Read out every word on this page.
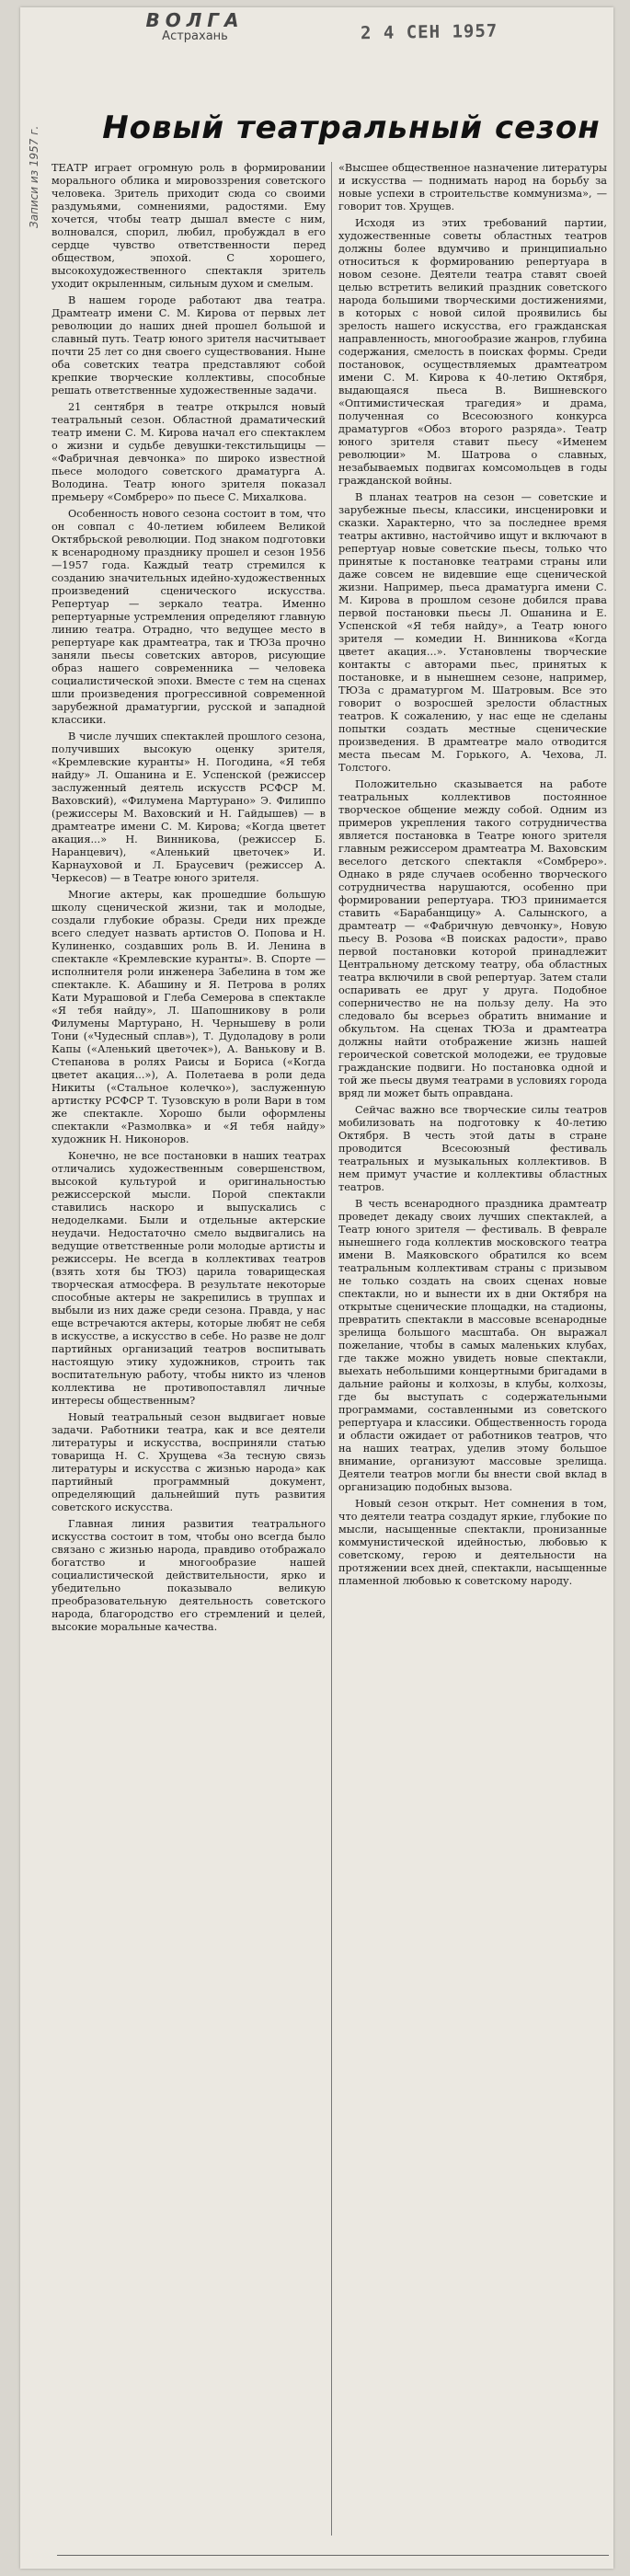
ВОЛГА
Астрахань	2 4 СЕН 1957
Записи из 1957 г. Новый театральный сезон

ТЕАТР играет огромную роль в формировании морального облика и мировоззрения советского человека. Зритель приходит сюда со своими раздумьями, сомнениями, радостями. Ему хочется, чтобы театр дышал вместе с ним, волновался, спорил, любил, пробуждал в его сердце чувство ответственности перед обществом, эпохой. С хорошего, высокохудожественного спектакля зритель уходит окрыленным, сильным духом и смелым.

В нашем городе работают два театра. Драмтеатр имени С. М. Кирова от первых лет революции до наших дней прошел большой и славный путь. Театр юного зрителя насчитывает почти 25 лет со дня своего существования. Ныне оба советских театра представляют собой крепкие творческие коллективы, способные решать ответственные художественные задачи.

21 сентября в театре открылся новый театральный сезон. Областной драматический театр имени С. М. Кирова начал его спектаклем о жизни и судьбе девушки-текстильщицы — «Фабричная девчонка» по широко известной пьесе молодого советского драматурга А. Володина. Театр юного зрителя показал премьеру «Сомбреро» по пьесе С. Михалкова.

Особенность нового сезона состоит в том, что он совпал с 40-летием юбилеем Великой Октябрьской революции. Под знаком подготовки к всенародному празднику прошел и сезон 1956—1957 года. Каждый театр стремился к созданию значительных идейно-художественных произведений сценического искусства. Репертуар — зеркало театра. Именно репертуарные устремления определяют главную линию театра. Отрадно, что ведущее место в репертуаре как драмтеатра, так и ТЮЗа прочно заняли пьесы советских авторов, рисующие образ нашего современника — человека социалистической эпохи. Вместе с тем на сценах шли произведения прогрессивной современной зарубежной драматургии, русской и западной классики.

В числе лучших спектаклей прошлого сезона, получивших высокую оценку зрителя, «Кремлевские куранты» Н. Погодина, «Я тебя найду» Л. Ошанина и Е. Успенской (режиссер заслуженный деятель искусств РСФСР М. Ваховский), «Филумена Мартурано» Э. Филиппо (режиссеры М. Ваховский и Н. Гайдышев) — в драмтеатре имени С. М. Кирова; «Когда цветет акация...» Н. Винникова, (режиссер Б. Наранцевич), «Аленький цветочек» И. Карнауховой и Л. Браусевич (режиссер А. Черкесов) — в Театре юного зрителя.

Многие актеры, как прошедшие большую школу сценической жизни, так и молодые, создали глубокие образы. Среди них прежде всего следует назвать артистов О. Попова и Н. Кулиненко, создавших роль В. И. Ленина в спектакле «Кремлевские куранты». В. Спорте — исполнителя роли инженера Забелина в том же спектакле. К. Абашину и Я. Петрова в ролях Кати Мурашовой и Глеба Семерова в спектакле «Я тебя найду», Л. Шапошникову в роли Филумены Мартурано, Н. Чернышеву в роли Тони («Чудесный сплав»), Т. Дудоладову в роли Капы («Аленький цветочек»), А. Ванькову и В. Степанова в ролях Раисы и Бориса («Когда цветет акация...»), А. Полетаева в роли деда Никиты («Стальное колечко»), заслуженную артистку РСФСР Т. Тузовскую в роли Вари в том же спектакле. Хорошо были оформлены спектакли «Размолвка» и «Я тебя найду» художник Н. Никоноров.

Конечно, не все постановки в наших театрах отличались художественным совершенством, высокой культурой и оригинальностью режиссерской мысли. Порой спектакли ставились наскоро и выпускались с недоделками. Были и отдельные актерские неудачи. Недостаточно смело выдвигались на ведущие ответственные роли молодые артисты и режиссеры. Не всегда в коллективах театров (взять хотя бы ТЮЗ) царила товарищеская творческая атмосфера. В результате некоторые способные актеры не закрепились в труппах и выбыли из них даже среди сезона. Правда, у нас еще встречаются актеры, которые любят не себя в искусстве, а искусство в себе. Но разве не долг партийных организаций театров воспитывать настоящую этику художников, строить так воспитательную работу, чтобы никто из членов коллектива не противопоставлял личные интересы общественным?

Новый театральный сезон выдвигает новые задачи. Работники театра, как и все деятели литературы и искусства, восприняли статью товарища Н. С. Хрущева «За тесную связь литературы и искусства с жизнью народа» как партийный программный документ, определяющий дальнейший путь развития советского искусства.

Главная линия развития театрального искусства состоит в том, чтобы оно всегда было связано с жизнью народа, правдиво отображало богатство и многообразие нашей социалистической действительности, ярко и убедительно показывало великую преобразовательную деятельность советского народа, благородство его стремлений и целей, высокие моральные качества.

«Высшее общественное назначение литературы и искусства — поднимать народ на борьбу за новые успехи в строительстве коммунизма», — говорит тов. Хрущев.

Исходя из этих требований партии, художественные советы областных театров должны более вдумчиво и принципиально относиться к формированию репертуара в новом сезоне. Деятели театра ставят своей целью встретить великий праздник советского народа большими творческими достижениями, в которых с новой силой проявились бы зрелость нашего искусства, его гражданская направленность, многообразие жанров, глубина содержания, смелость в поисках формы. Среди постановок, осуществляемых драмтеатром имени С. М. Кирова к 40-летию Октября, выдающаяся пьеса В. Вишневского «Оптимистическая трагедия» и драма, полученная со Всесоюзного конкурса драматургов «Обоз второго разряда». Театр юного зрителя ставит пьесу «Именем революции» М. Шатрова о славных, незабываемых подвигах комсомольцев в годы гражданской войны.

В планах театров на сезон — советские и зарубежные пьесы, классики, инсценировки и сказки. Характерно, что за последнее время театры активно, настойчиво ищут и включают в репертуар новые советские пьесы, только что принятые к постановке театрами страны или даже совсем не видевшие еще сценической жизни. Например, пьеса драматурга имени С. М. Кирова в прошлом сезоне добился права первой постановки пьесы Л. Ошанина и Е. Успенской «Я тебя найду», а Театр юного зрителя — комедии Н. Винникова «Когда цветет акация...». Установлены творческие контакты с авторами пьес, принятых к постановке, и в нынешнем сезоне, например, ТЮЗа с драматургом М. Шатровым. Все это говорит о возросшей зрелости областных театров. К сожалению, у нас еще не сделаны попытки создать местные сценические произведения. В драмтеатре мало отводится места пьесам М. Горького, А. Чехова, Л. Толстого.

Положительно сказывается на работе театральных коллективов постоянное творческое общение между собой. Одним из примеров укрепления такого сотрудничества является постановка в Театре юного зрителя главным режиссером драмтеатра М. Ваховским веселого детского спектакля «Сомбреро». Однако в ряде случаев особенно творческого сотрудничества нарушаются, особенно при формировании репертуара. ТЮЗ принимается ставить «Барабанщицу» А. Салынского, а драмтеатр — «Фабричную девчонку», Новую пьесу В. Розова «В поисках радости», право первой постановки которой принадлежит Центральному детскому театру, оба областных театра включили в свой репертуар. Затем стали оспаривать ее друг у друга. Подобное соперничество не на пользу делу. На это следовало бы всерьез обратить внимание и обкультом. На сценах ТЮЗа и драмтеатра должны найти отображение жизнь нашей героической советской молодежи, ее трудовые гражданские подвиги. Но постановка одной и той же пьесы двумя театрами в условиях города вряд ли может быть оправдана.

Сейчас важно все творческие силы театров мобилизовать на подготовку к 40-летию Октября. В честь этой даты в стране проводится Всесоюзный фестиваль театральных и музыкальных коллективов. В нем примут участие и коллективы областных театров.

В честь всенародного праздника драмтеатр проведет декаду своих лучших спектаклей, а Театр юного зрителя — фестиваль. В феврале нынешнего года коллектив московского театра имени В. Маяковского обратился ко всем театральным коллективам страны с призывом не только создать на своих сценах новые спектакли, но и вынести их в дни Октября на открытые сценические площадки, на стадионы, превратить спектакли в массовые всенародные зрелища большого масштаба. Он выражал пожелание, чтобы в самых маленьких клубах, где также можно увидеть новые спектакли, выехать небольшими концертными бригадами в дальние районы и колхозы, в клубы, колхозы, где бы выступать с содержательными программами, составленными из советского репертуара и классики. Общественность города и области ожидает от работников театров, что на наших театрах, уделив этому большое внимание, организуют массовые зрелища. Деятели театров могли бы внести свой вклад в организацию подобных вызова.

Новый сезон открыт. Нет сомнения в том, что деятели театра создадут яркие, глубокие по мысли, насыщенные спектакли, пронизанные коммунистической идейностью, любовью к советскому, герою и деятельности на протяжении всех дней, спектакли, насыщенные пламенной любовью к советскому народу.
